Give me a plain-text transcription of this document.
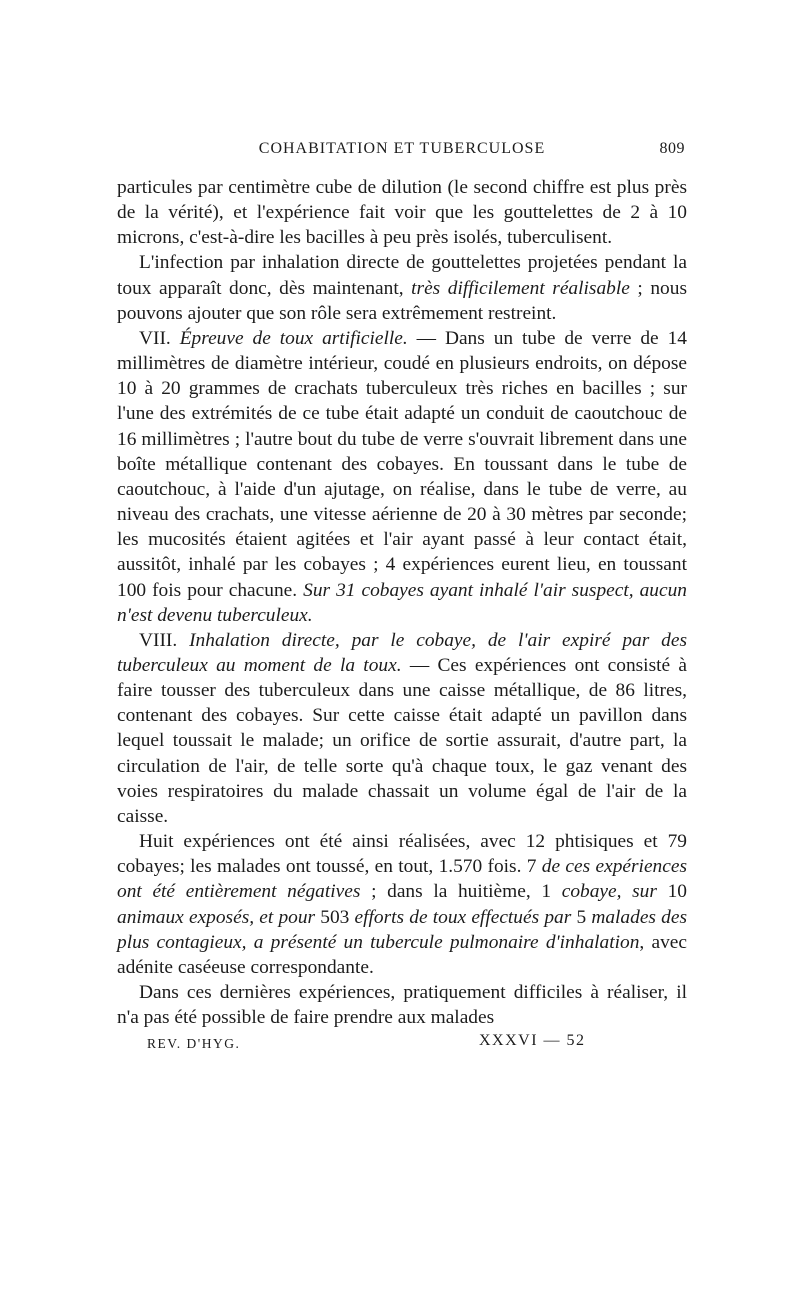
COHABITATION ET TUBERCULOSE	809

particules par centimètre cube de dilution (le second chiffre est plus près de la vérité), et l'expérience fait voir que les gouttelettes de 2 à 10 microns, c'est-à-dire les bacilles à peu près isolés, tuberculisent.

L'infection par inhalation directe de gouttelettes projetées pendant la toux apparaît donc, dès maintenant, très difficilement réalisable ; nous pouvons ajouter que son rôle sera extrêmement restreint.

VII. Épreuve de toux artificielle. — Dans un tube de verre de 14 millimètres de diamètre intérieur, coudé en plusieurs endroits, on dépose 10 à 20 grammes de crachats tuberculeux très riches en bacilles ; sur l'une des extrémités de ce tube était adapté un conduit de caoutchouc de 16 millimètres ; l'autre bout du tube de verre s'ouvrait librement dans une boîte métallique contenant des cobayes. En toussant dans le tube de caoutchouc, à l'aide d'un ajutage, on réalise, dans le tube de verre, au niveau des crachats, une vitesse aérienne de 20 à 30 mètres par seconde; les mucosités étaient agitées et l'air ayant passé à leur contact était, aussitôt, inhalé par les cobayes ; 4 expériences eurent lieu, en toussant 100 fois pour chacune. Sur 31 cobayes ayant inhalé l'air suspect, aucun n'est devenu tuberculeux.

VIII. Inhalation directe, par le cobaye, de l'air expiré par des tuberculeux au moment de la toux. — Ces expériences ont consisté à faire tousser des tuberculeux dans une caisse métallique, de 86 litres, contenant des cobayes. Sur cette caisse était adapté un pavillon dans lequel toussait le malade; un orifice de sortie assurait, d'autre part, la circulation de l'air, de telle sorte qu'à chaque toux, le gaz venant des voies respiratoires du malade chassait un volume égal de l'air de la caisse.

Huit expériences ont été ainsi réalisées, avec 12 phtisiques et 79 cobayes; les malades ont toussé, en tout, 1.570 fois. 7 de ces expériences ont été entièrement négatives ; dans la huitième, 1 cobaye, sur 10 animaux exposés, et pour 503 efforts de toux effectués par 5 malades des plus contagieux, a présenté un tubercule pulmonaire d'inhalation, avec adénite caséeuse correspondante.

Dans ces dernières expériences, pratiquement difficiles à réaliser, il n'a pas été possible de faire prendre aux malades

REV. D'HYG.	XXXVI — 52
